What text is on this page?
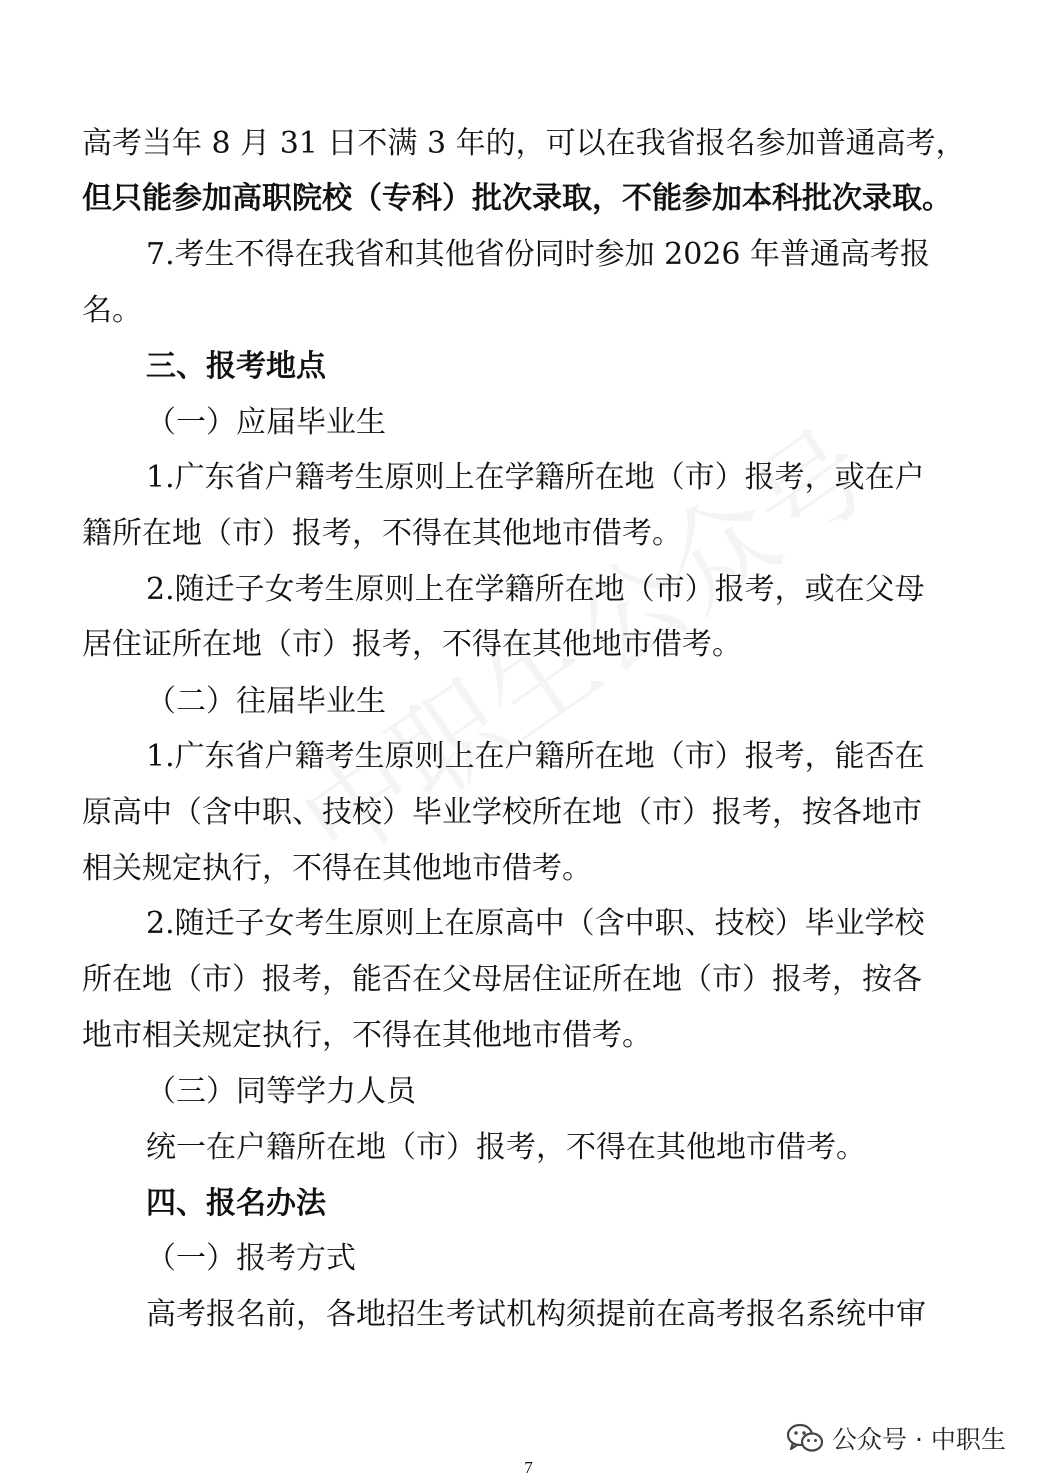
高考当年 8 月 31 日不满 3 年的，可以在我省报名参加普通高考，
但只能参加高职院校（专科）批次录取，不能参加本科批次录取。
7.考生不得在我省和其他省份同时参加 2026 年普通高考报
名。
三、报考地点
（一）应届毕业生
1.广东省户籍考生原则上在学籍所在地（市）报考，或在户
籍所在地（市）报考，不得在其他地市借考。
2.随迁子女考生原则上在学籍所在地（市）报考，或在父母
居住证所在地（市）报考，不得在其他地市借考。
（二）往届毕业生
1.广东省户籍考生原则上在户籍所在地（市）报考，能否在
原高中（含中职、技校）毕业学校所在地（市）报考，按各地市
相关规定执行，不得在其他地市借考。
2.随迁子女考生原则上在原高中（含中职、技校）毕业学校
所在地（市）报考，能否在父母居住证所在地（市）报考，按各
地市相关规定执行，不得在其他地市借考。
（三）同等学力人员
统一在户籍所在地（市）报考，不得在其他地市借考。
四、报名办法
（一）报考方式
高考报名前，各地招生考试机构须提前在高考报名系统中审
公众号 · 中职生
7
